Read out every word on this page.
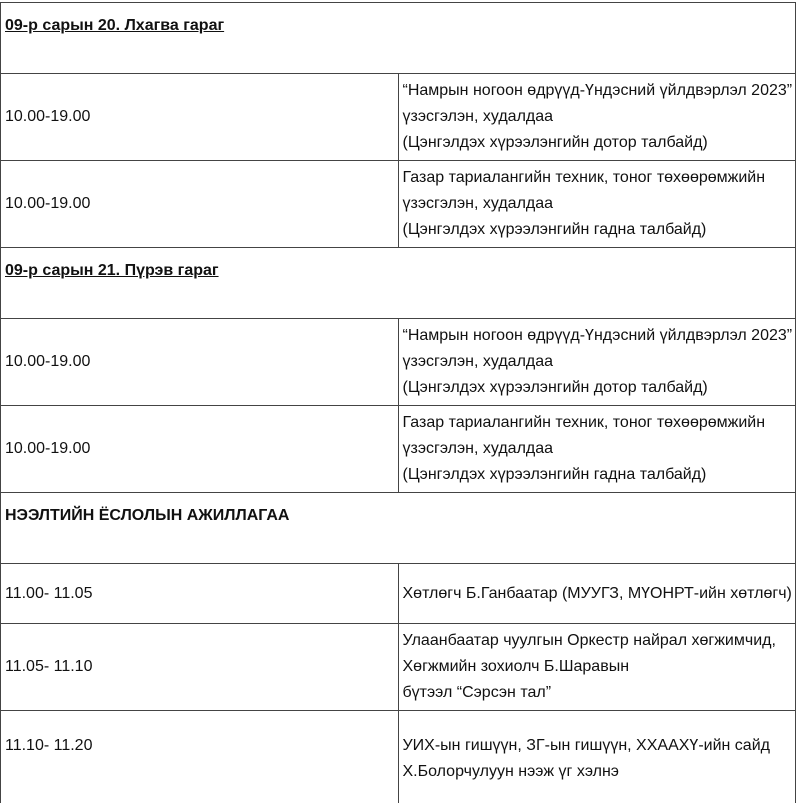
09-р сарын 20. Лхагва гараг	
10.00-19.00	“Намрын ногоон өдрүүд-Үндэсний үйлдвэрлэл 2023” үзэсгэлэн, худалдаа
(Цэнгэлдэх хүрээлэнгийн дотор талбайд)

10.00-19.00	Газар тариалангийн техник, тоног төхөөрөмжийн үзэсгэлэн, худалдаа
(Цэнгэлдэх хүрээлэнгийн гадна талбайд)

09-р сарын 21. Пүрэв гараг	
10.00-19.00	“Намрын ногоон өдрүүд-Үндэсний үйлдвэрлэл 2023” үзэсгэлэн, худалдаа
(Цэнгэлдэх хүрээлэнгийн дотор талбайд)

10.00-19.00	Газар тариалангийн техник, тоног төхөөрөмжийн үзэсгэлэн, худалдаа
(Цэнгэлдэх хүрээлэнгийн гадна талбайд)

НЭЭЛТИЙН ЁСЛОЛЫН АЖИЛЛАГАА	
11.00- 11.05	Хөтлөгч Б.Ганбаатар (МУУГЗ, МҮОНРТ-ийн хөтлөгч)

11.05- 11.10	Улаанбаатар чуулгын Оркестр найрал хөгжимчид, Хөгжмийн зохиолч Б.Шаравын
бүтээл “Сэрсэн тал”

11.10- 11.20	УИХ-ын гишүүн, ЗГ-ын гишүүн, ХХААХҮ-ийн сайд Х.Болорчулуун нээж үг хэлнэ
